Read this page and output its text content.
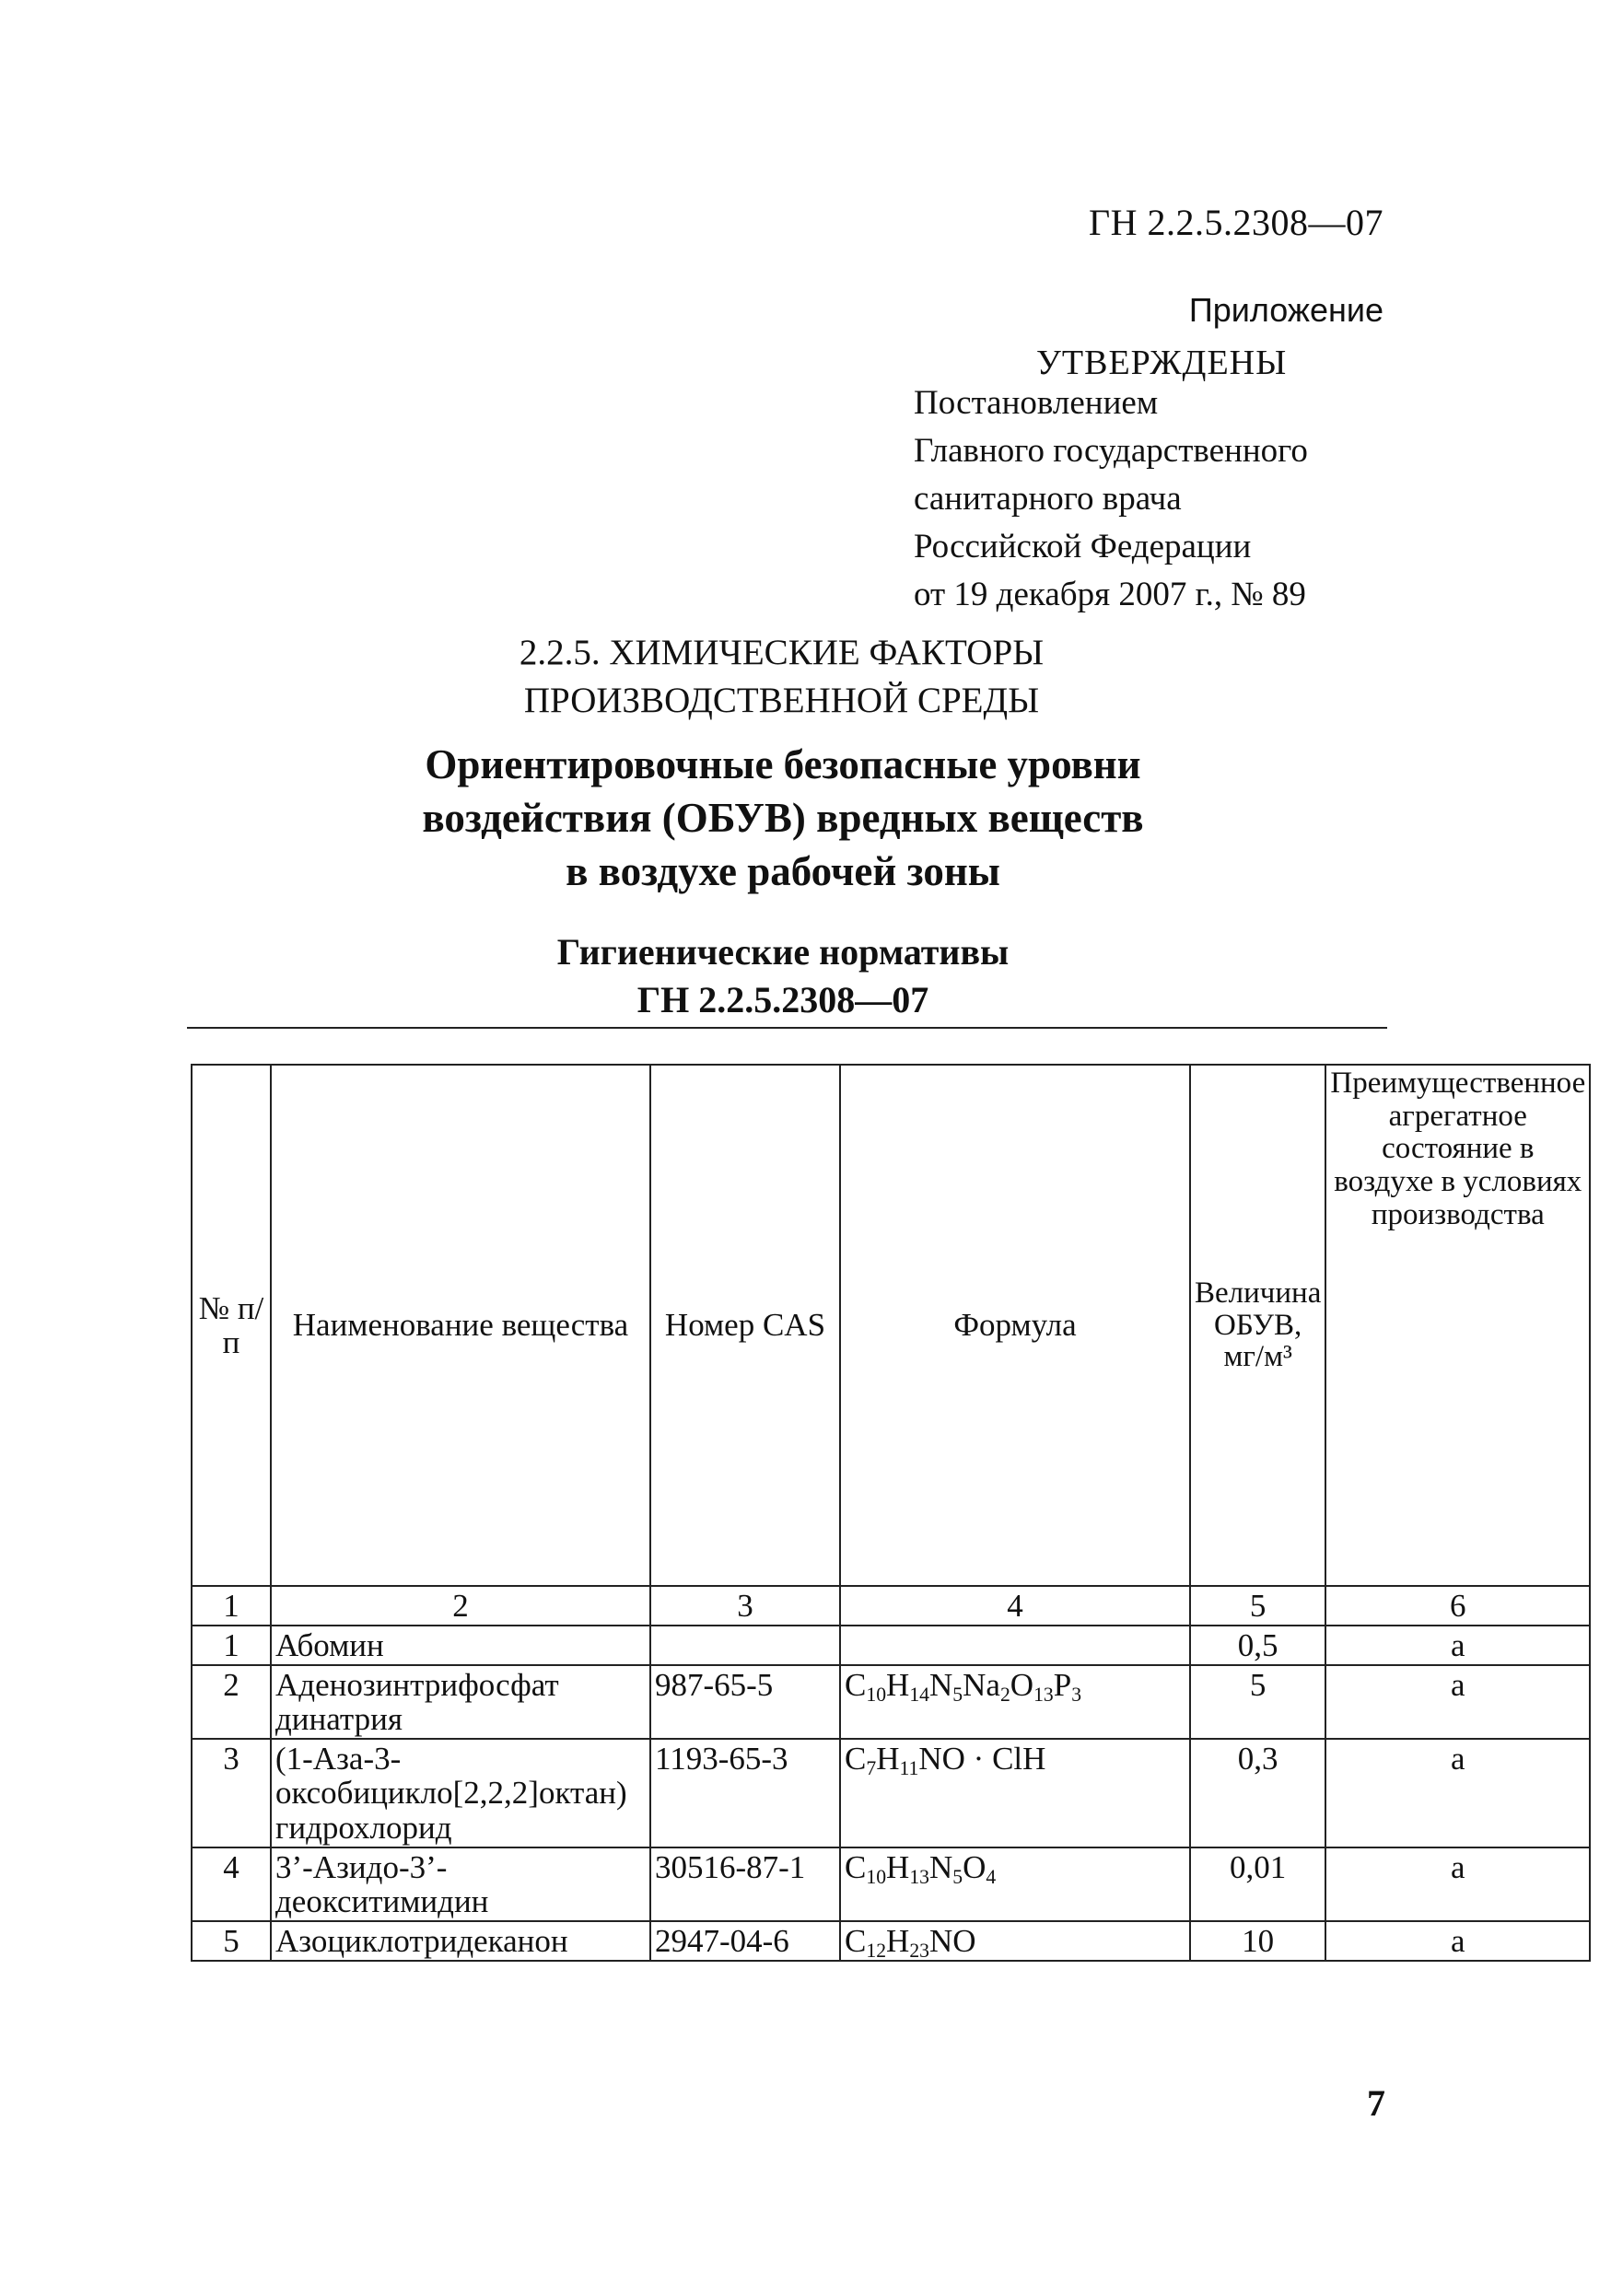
ГН 2.2.5.2308—07
Приложение
УТВЕРЖДЕНЫ
Постановлением
Главного государственного
санитарного врача
Российской Федерации
от 19 декабря 2007 г., № 89
2.2.5. ХИМИЧЕСКИЕ ФАКТОРЫ
ПРОИЗВОДСТВЕННОЙ СРЕДЫ
Ориентировочные безопасные уровни
воздействия (ОБУВ) вредных веществ
в воздухе рабочей зоны
Гигиенические нормативы
ГН 2.2.5.2308—07
№ п/п	Наименование вещества	Номер CAS	Формула	Величина ОБУВ, мг/м³	Преимущественное агрегатное состояние в воздухе в условиях производства
1	2	3	4	5	6
1	Абомин			0,5	а
2	Аденозинтрифосфат динатрия	987-65-5	$C_{10}H_{14}N_5Na_2O_{13}P_3$	5	а
3	(1-Аза-3-оксобицикло[2,2,2]октан) гидрохлорид	1193-65-3	$C_7H_{11}NO$ · ClH	0,3	а
4	3’-Азидо-3’-деокситимидин	30516-87-1	$C_{10}H_{13}N_5O_4$	0,01	а
5	Азоциклотридеканон	2947-04-6	$C_{12}H_{23}NO$	10	а
7
